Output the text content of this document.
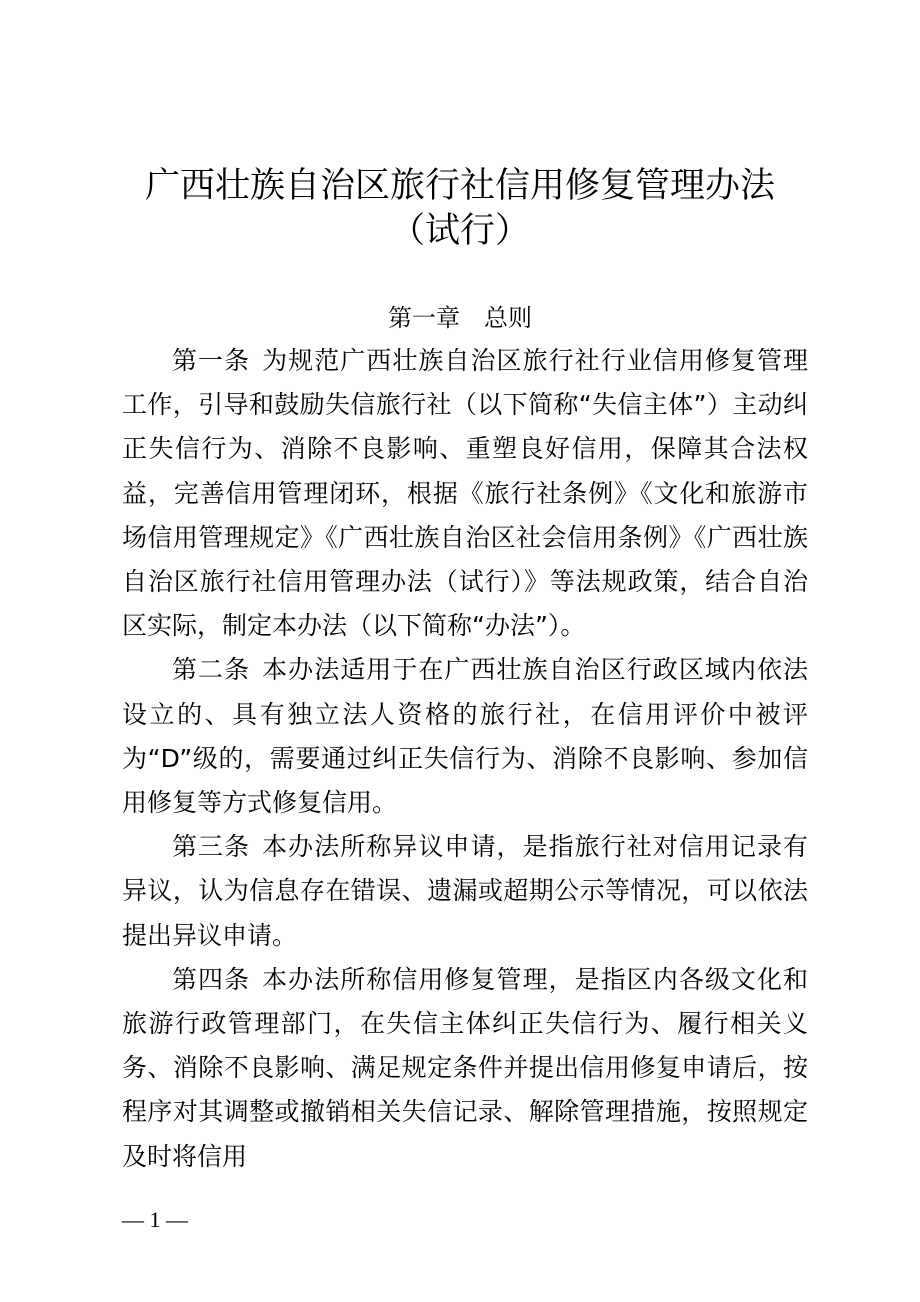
广西壮族自治区旅行社信用修复管理办法
（试行）
第一章 总则

第一条 为规范广西壮族自治区旅行社行业信用修复管理工作，引导和鼓励失信旅行社（以下简称“失信主体”）主动纠正失信行为、消除不良影响、重塑良好信用，保障其合法权益，完善信用管理闭环，根据《旅行社条例》《文化和旅游市场信用管理规定》《广西壮族自治区社会信用条例》《广西壮族自治区旅行社信用管理办法（试行）》等法规政策，结合自治区实际，制定本办法（以下简称“办法”）。

第二条 本办法适用于在广西壮族自治区行政区域内依法设立的、具有独立法人资格的旅行社，在信用评价中被评为“D”级的，需要通过纠正失信行为、消除不良影响、参加信用修复等方式修复信用。

第三条 本办法所称异议申请，是指旅行社对信用记录有异议，认为信息存在错误、遗漏或超期公示等情况，可以依法提出异议申请。

第四条 本办法所称信用修复管理，是指区内各级文化和旅游行政管理部门，在失信主体纠正失信行为、履行相关义务、消除不良影响、满足规定条件并提出信用修复申请后，按程序对其调整或撤销相关失信记录、解除管理措施，按照规定及时将信用

— 1 —
